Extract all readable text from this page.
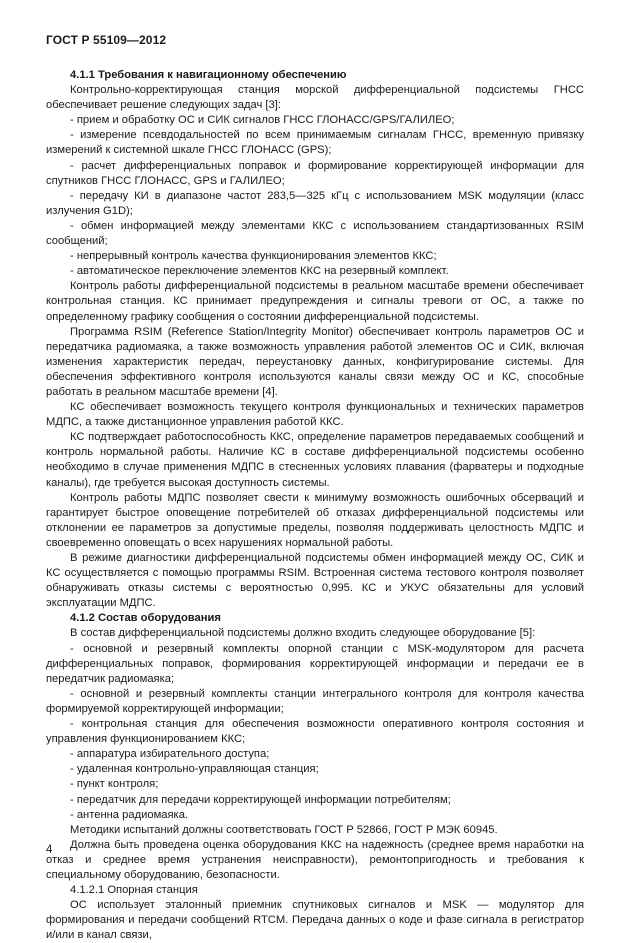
ГОСТ Р 55109—2012

4.1.1 Требования к навигационному обеспечению

Контрольно-корректирующая станция морской дифференциальной подсистемы ГНСС обеспечивает решение следующих задач [3]:

- прием и обработку ОС и СИК сигналов ГНСС ГЛОНАСС/GPS/ГАЛИЛЕО;

- измерение псевдодальностей по всем принимаемым сигналам ГНСС, временную привязку измерений к системной шкале ГНСС ГЛОНАСС (GPS);

- расчет дифференциальных поправок и формирование корректирующей информации для спутников ГНСС ГЛОНАСС, GPS и ГАЛИЛЕО;

- передачу КИ в диапазоне частот 283,5—325 кГц с использованием MSK модуляции (класс излучения G1D);

- обмен информацией между элементами ККС с использованием стандартизованных RSIM сообщений;

- непрерывный контроль качества функционирования элементов ККС;

- автоматическое переключение элементов ККС на резервный комплект.

Контроль работы дифференциальной подсистемы в реальном масштабе времени обеспечивает контрольная станция. КС принимает предупреждения и сигналы тревоги от ОС, а также по определенному графику сообщения о состоянии дифференциальной подсистемы.

Программа RSIM (Reference Station/Integrity Monitor) обеспечивает контроль параметров ОС и передатчика радиомаяка, а также возможность управления работой элементов ОС и СИК, включая изменения характеристик передач, переустановку данных, конфигурирование системы. Для обеспечения эффективного контроля используются каналы связи между ОС и КС, способные работать в реальном масштабе времени [4].

КС обеспечивает возможность текущего контроля функциональных и технических параметров МДПС, а также дистанционное управления работой ККС.

КС подтверждает работоспособность ККС, определение параметров передаваемых сообщений и контроль нормальной работы. Наличие КС в составе дифференциальной подсистемы особенно необходимо в случае применения МДПС в стесненных условиях плавания (фарватеры и подходные каналы), где требуется высокая доступность системы.

Контроль работы МДПС позволяет свести к минимуму возможность ошибочных обсерваций и гарантирует быстрое оповещение потребителей об отказах дифференциальной подсистемы или отклонении ее параметров за допустимые пределы, позволяя поддерживать целостность МДПС и своевременно оповещать о всех нарушениях нормальной работы.

В режиме диагностики дифференциальной подсистемы обмен информацией между ОС, СИК и КС осуществляется с помощью программы RSIM. Встроенная система тестового контроля позволяет обнаруживать отказы системы с вероятностью 0,995. КС и УКУС обязательны для условий эксплуатации МДПС.

4.1.2 Состав оборудования

В состав дифференциальной подсистемы должно входить следующее оборудование [5]:

- основной и резервный комплекты опорной станции с MSK-модулятором для расчета дифференциальных поправок, формирования корректирующей информации и передачи ее в передатчик радиомаяка;

- основной и резервный комплекты станции интегрального контроля для контроля качества формируемой корректирующей информации;

- контрольная станция для обеспечения возможности оперативного контроля состояния и управления функционированием ККС;

- аппаратура избирательного доступа;

- удаленная контрольно-управляющая станция;

- пункт контроля;

- передатчик для передачи корректирующей информации потребителям;

- антенна радиомаяка.

Методики испытаний должны соответствовать ГОСТ Р 52866, ГОСТ Р МЭК 60945.

Должна быть проведена оценка оборудования ККС на надежность (среднее время наработки на отказ и среднее время устранения неисправности), ремонтопригодность и требования к специальному оборудованию, безопасности.

4.1.2.1 Опорная станция

ОС использует эталонный приемник спутниковых сигналов и MSK — модулятор для формирования и передачи сообщений RTCM. Передача данных о коде и фазе сигнала в регистратор и/или в канал связи,

4
